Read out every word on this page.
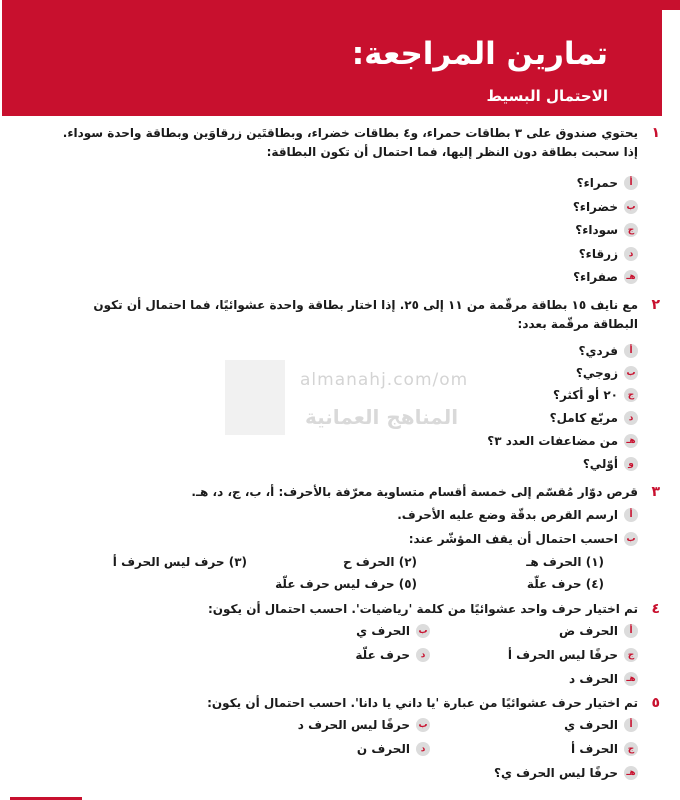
تمارين المراجعة:
الاحتمال البسيط
almanahj.com/om
المناهج العمانية
١
يحتوي صندوق على ٣ بطاقات حمراء، و٤ بطاقات خضراء، وبطاقتَين زرقاوَين وبطاقة واحدة سوداء. إذا سحبت بطاقة دون النظر إليها، فما احتمال أن تكون البطاقة:
أ
حمراء؟
ب
خضراء؟
ج
سوداء؟
د
زرقاء؟
هـ
صفراء؟
٢
مع نايف ١٥ بطاقة مرقّمة من ١١ إلى ٢٥. إذا اختار بطاقة واحدة عشوائيًا، فما احتمال أن تكون البطاقة مرقّمة بعدد:
أ
فردي؟
ب
زوجي؟
ج
٢٠ أو أكثر؟
د
مربّع كامل؟
هـ
من مضاعفات العدد ٣؟
و
أوّلي؟
٣
قرص دوّار مُقسّم إلى خمسة أقسام متساوية معرّفة بالأحرف: أ، ب، ج، د، هـ.
أ
ارسم القرص بدقّة وضع عليه الأحرف.
ب
احسب احتمال أن يقف المؤشّر عند:
(١) الحرف هـ
(٢) الحرف ح
(٣) حرف ليس الحرف أ
(٤) حرف علّة
(٥) حرف ليس حرف علّة
٤
تم اختيار حرف واحد عشوائيًا من كلمة 'رياضيات'. احسب احتمال أن يكون:
أ
الحرف ض
ب
الحرف ي
ج
حرفًا ليس الحرف أ
د
حرف علّة
هـ
الحرف د
٥
تم اختيار حرف عشوائيًا من عبارة 'يا داني يا دانا'. احسب احتمال أن يكون:
أ
الحرف ي
ب
حرفًا ليس الحرف د
ج
الحرف أ
د
الحرف ن
هـ
حرفًا ليس الحرف ي؟
